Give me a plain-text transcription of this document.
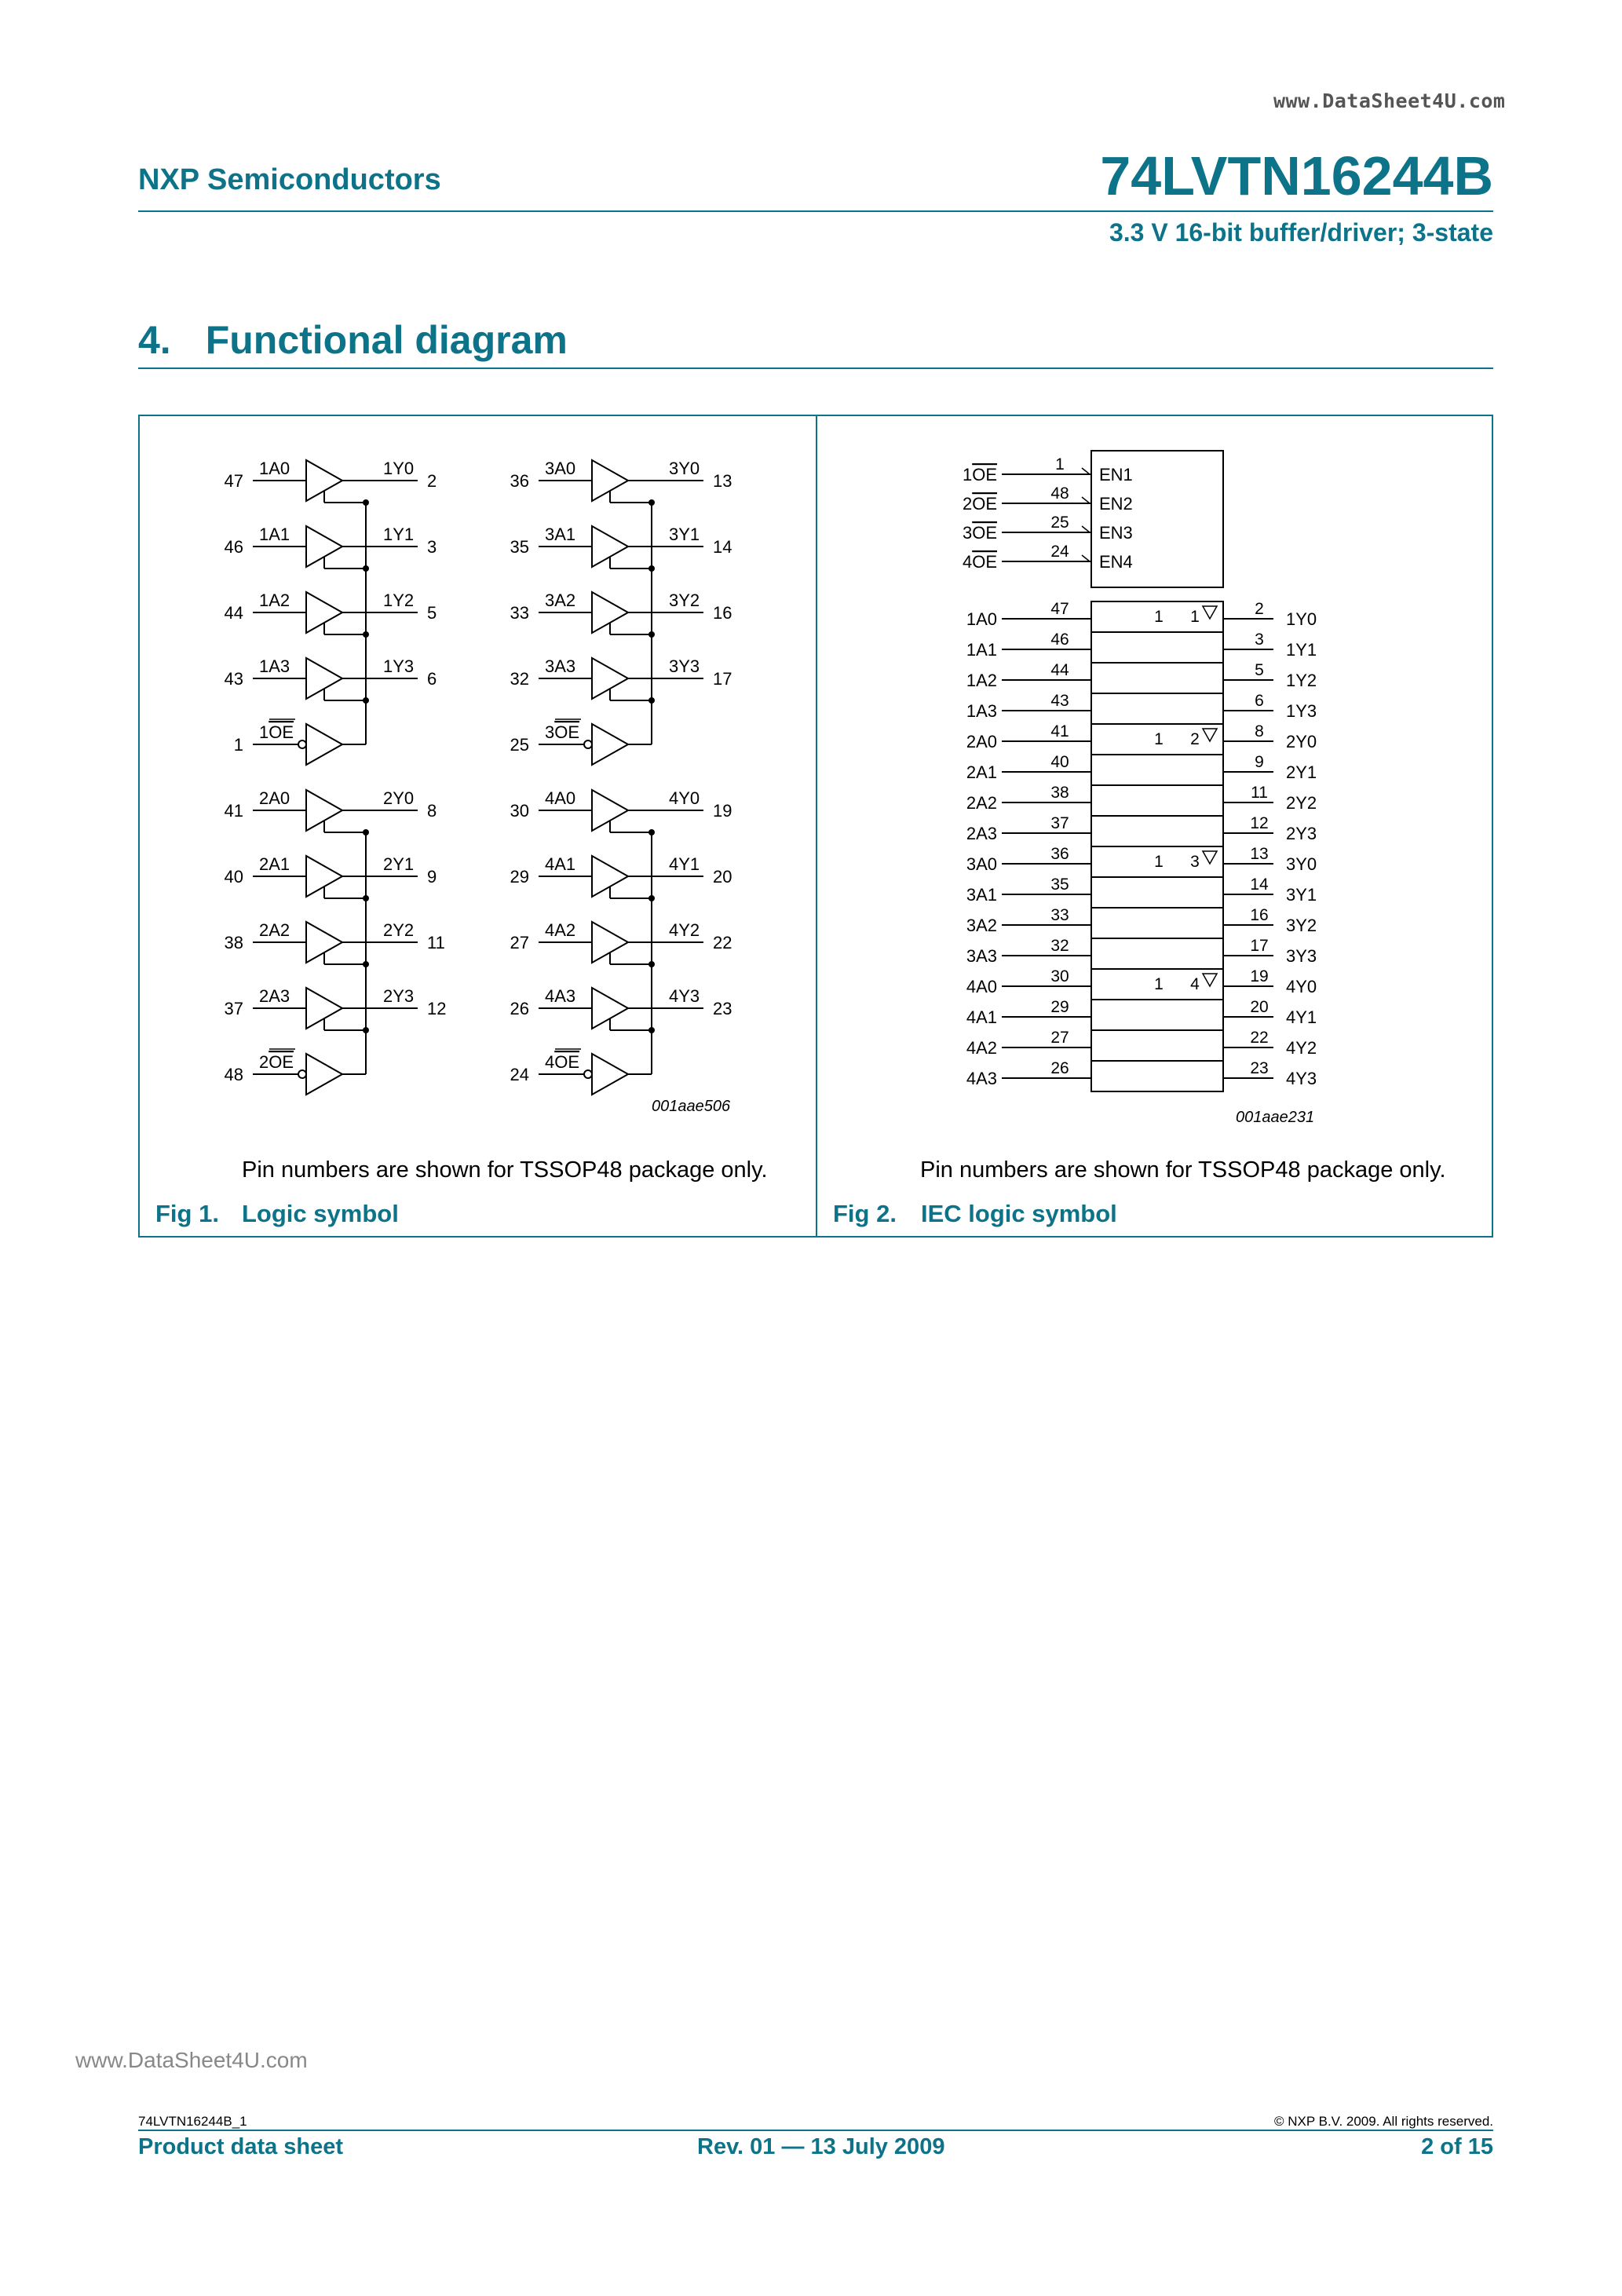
www.DataSheet4U.com
NXP Semiconductors	74LVTN16244B
3.3 V 16-bit buffer/driver; 3-state
4. Functional diagram
47
1A0	1Y0
2
46
1A1	1Y1
3
44
1A2	1Y2
5
43
1A3	1Y3
6
1
1OE
36
3A0	3Y0
13
35
3A1	3Y1
14
33
3A2	3Y2
16
32
3A3	3Y3
17
25
3OE
41
2A0	2Y0
8
40
2A1	2Y1
9
38
2A2	2Y2
11
37
2A3	2Y3
12
48
2OE
30
4A0	4Y0
19
29
4A1	4Y1
20
27
4A2	4Y2
22
26
4A3	4Y3
23
24
4OE
001aae506
Pin numbers are shown for TSSOP48 package only.
Fig 1. Logic symbol
1
1OE	EN1
48
2OE	EN2
25
3OE	EN3
24
4OE	EN4
1A0
47	2
1Y0
1 1
1A1
46	3
1Y1
1A2
44	5
1Y2
1A3
43	6
1Y3
2A0
41	8
2Y0
1 2
2A1
40	9
2Y1
2A2
38	11
2Y2
2A3
37	12
2Y3
3A0
36	13
3Y0
1 3
3A1
35	14
3Y1
3A2
33	16
3Y2
3A3
32	17
3Y3
4A0
30	19
4Y0
1 4
4A1
29	20
4Y1
4A2
27	22
4Y2
4A3
26	23
4Y3
001aae231
Pin numbers are shown for TSSOP48 package only.
Fig 2. IEC logic symbol
www.DataSheet4U.com
74LVTN16244B_1	© NXP B.V. 2009. All rights reserved.
Product data sheet	Rev. 01 — 13 July 2009	2 of 15
